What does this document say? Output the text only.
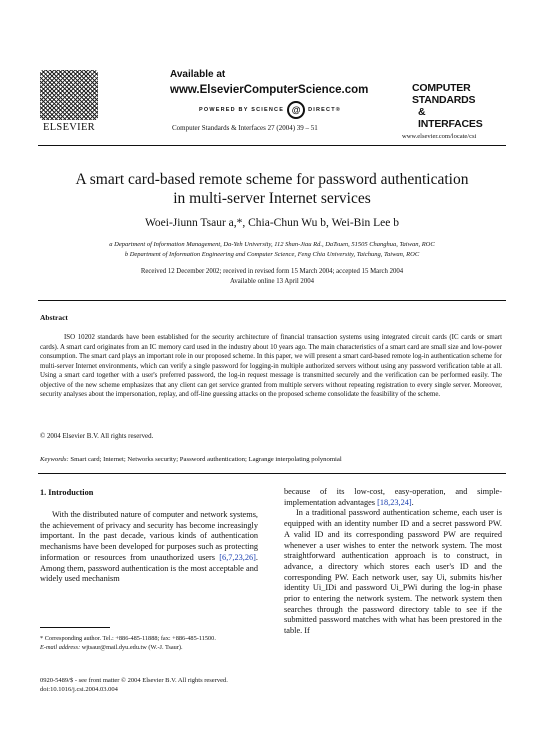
ELSEVIER
Available at
www.ElsevierComputerScience.com
POWERED BY SCIENCE @	DIRECT®
Computer Standards & Interfaces 27 (2004) 39 – 51
COMPUTER STANDARDS
& INTERFACES
www.elsevier.com/locate/csi
A smart card-based remote scheme for password authentication
in multi-server Internet services
Woei-Jiunn Tsaur a,*, Chia-Chun Wu b, Wei-Bin Lee b
a Department of Information Management, Da-Yeh University, 112 Shan-Jiau Rd., DaTsuen, 51505 Changhua, Taiwan, ROC
b Department of Information Engineering and Computer Science, Feng Chia University, Taichung, Taiwan, ROC
Received 12 December 2002; received in revised form 15 March 2004; accepted 15 March 2004
Available online 13 April 2004
Abstract
ISO 10202 standards have been established for the security architecture of financial transaction systems using integrated circuit cards (IC cards or smart cards). A smart card originates from an IC memory card used in the industry about 10 years ago. The main characteristics of a smart card are small size and low-power consumption. The smart card plays an important role in our proposed scheme. In this paper, we will present a smart card-based remote log-in authentication scheme for multi-server Internet environments, which can verify a single password for logging-in multiple authorized servers without using any password verification table at all. Using a smart card together with a user's preferred password, the log-in request message is transmitted securely and the verification can be performed easily. The objective of the new scheme emphasizes that any client can get service granted from multiple servers without repeating registration to every single server. Moreover, security analyses about the impersonation, replay, and off-line guessing attacks on the proposed scheme consolidate the feasibility of the scheme.
© 2004 Elsevier B.V. All rights reserved.
Keywords: Smart card; Internet; Networks security; Password authentication; Lagrange interpolating polynomial
1. Introduction

With the distributed nature of computer and network systems, the achievement of privacy and security has become increasingly important. In the past decade, various kinds of authentication mechanisms have been developed for purposes such as protecting information or resources from unauthorized users [6,7,23,26]. Among them, password authentication is the most acceptable and widely used mechanism

because of its low-cost, easy-operation, and simple-implementation advantages [18,23,24].

In a traditional password authentication scheme, each user is equipped with an identity number ID and a secret password PW. A valid ID and its corresponding password PW are required whenever a user wishes to enter the network system. The most straightforward authentication approach is to construct, in advance, a directory which stores each user's ID and the corresponding PW. Each network user, say Ui, submits his/her identity Ui_IDi and password Ui_PWi during the log-in phase prior to entering the network system. The network system then searches through the password directory table to see if the submitted password matches with what has been prestored in the table. If

* Corresponding author. Tel.: +886-485-11888; fax: +886-485-11500.
E-mail address: wjtsaur@mail.dyu.edu.tw (W.-J. Tsaur).
0920-5489/$ - see front matter © 2004 Elsevier B.V. All rights reserved.
doi:10.1016/j.csi.2004.03.004
